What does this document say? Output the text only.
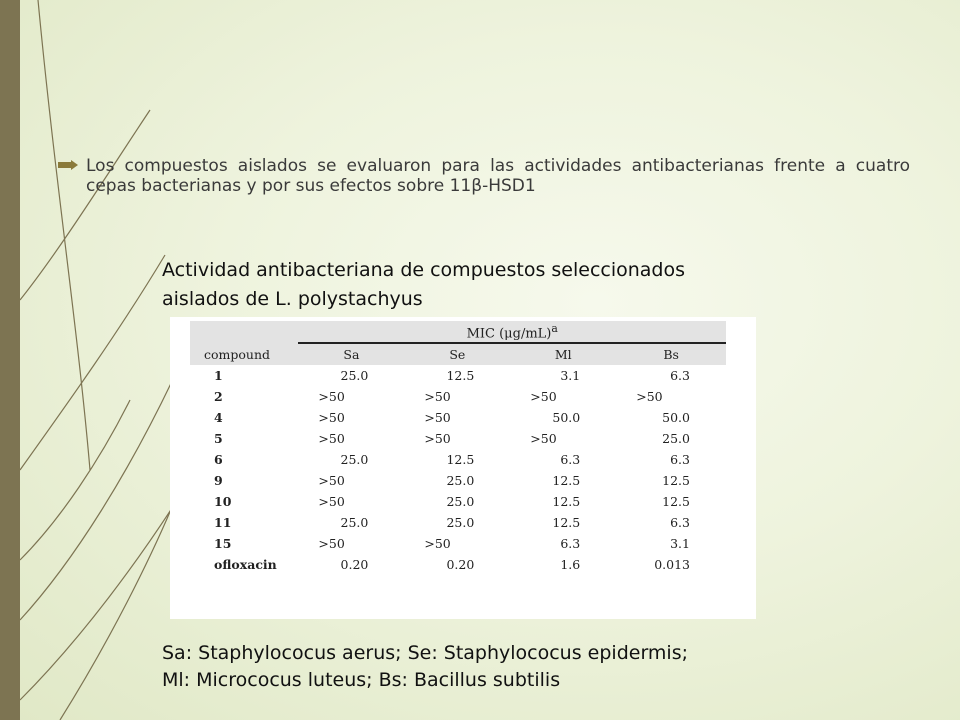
Los compuestos aislados se evaluaron para las actividades antibacterianas frente a cuatro cepas bacterianas y por sus efectos sobre 11β-HSD1
Actividad antibacteriana de compuestos seleccionados
aislados de L. polystachyus
	MIC $(\mu g/mL)^a$
compound	Sa	Se	Ml	Bs
1	25.0	12.5	3.1	6.3
2	>50	>50	>50	>50
4	>50	>50	50.0	50.0
5	>50	>50	>50	25.0
6	25.0	12.5	6.3	6.3
9	>50	25.0	12.5	12.5
10	>50	25.0	12.5	12.5
11	25.0	25.0	12.5	6.3
15	>50	>50	6.3	3.1
ofloxacin	0.20	0.20	1.6	0.013
Sa: Staphylococus aerus; Se: Staphylococus epidermis;
Ml: Micrococus luteus; Bs: Bacillus subtilis
